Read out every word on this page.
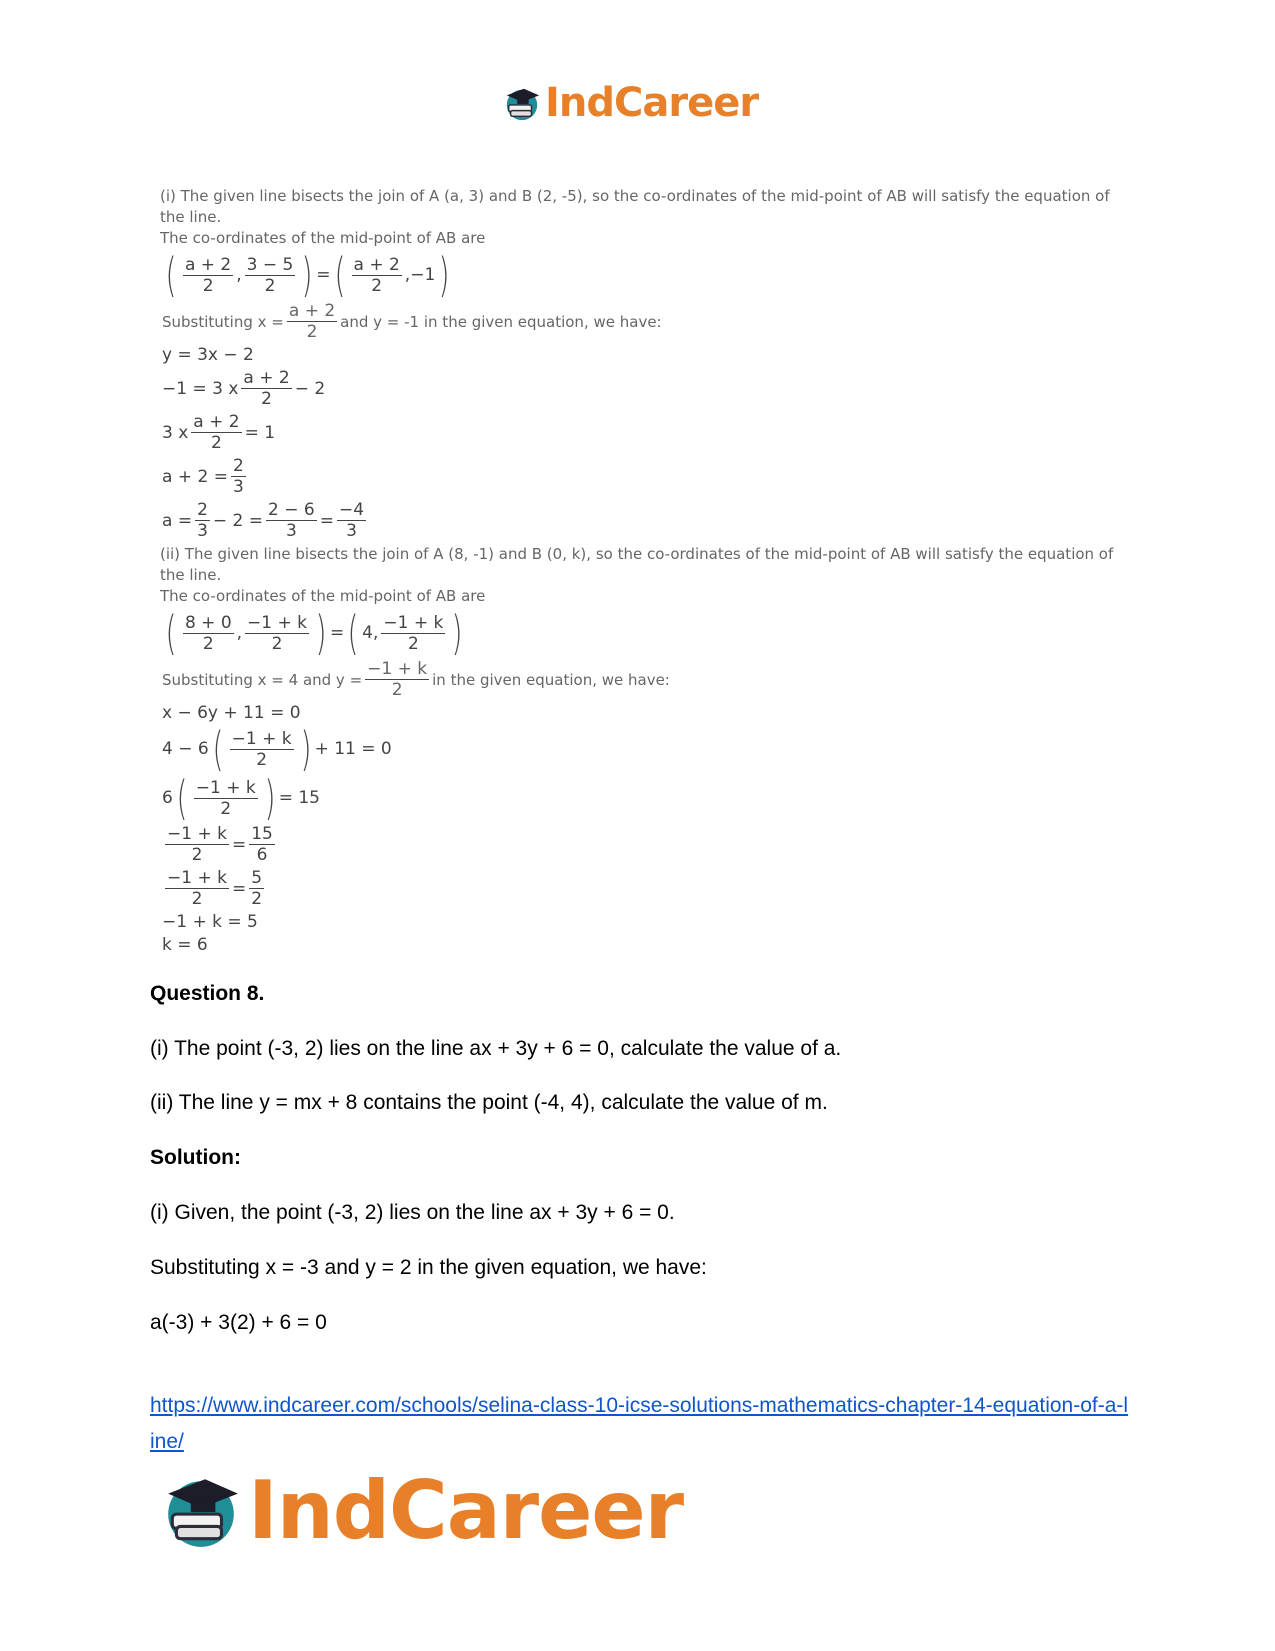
IndCareer
(i) The given line bisects the join of A (a, 3) and B (2, -5), so the co-ordinates of the mid-point of AB will satisfy the equation of the line.
The co-ordinates of the mid-point of AB are
( $\frac{a + 2}{2}$ , $\frac{3 - 5}{2}$ ) = ( $\frac{a + 2}{2} ,-1$ )
Substituting $x = \frac{a + 2}{2}$ and y = -1 in the given equation, we have:
y = 3x − 2
−1 = 3 x $\frac{a + 2}{2} - 2$
3 x $\frac{a + 2}{2} = 1$
$a + 2 = \frac{2}{3}$
$a = \frac{2}{3} - 2 = \frac{2 - 6}{3} = \frac{-4}{3}$
(ii) The given line bisects the join of A (8, -1) and B (0, k), so the co-ordinates of the mid-point of AB will satisfy the equation of the line.
The co-ordinates of the mid-point of AB are
( $\frac{8 + 0}{2}$ , $\frac{-1 + k}{2}$ ) = ( 4, $\frac{-1 + k}{2}$ )
Substituting x = 4 and $y = \frac{-1 + k}{2}$ in the given equation, we have:
x − 6y + 11 = 0
4 − 6 ( $\frac{-1 + k}{2}$ ) + 11 = 0
6 ( $\frac{-1 + k}{2}$ ) = 15
$\frac{-1 + k}{2} = \frac{15}{6}$
$\frac{-1 + k}{2} = \frac{5}{2}$
−1 + k = 5
k = 6
Question 8.
(i) The point (-3, 2) lies on the line ax + 3y + 6 = 0, calculate the value of a.
(ii) The line y = mx + 8 contains the point (-4, 4), calculate the value of m.
Solution:
(i) Given, the point (-3, 2) lies on the line ax + 3y + 6 = 0.
Substituting x = -3 and y = 2 in the given equation, we have:
a(-3) + 3(2) + 6 = 0
https://www.indcareer.com/schools/selina-class-10-icse-solutions-mathematics-chapter-14-equation-of-a-line/
IndCareer
